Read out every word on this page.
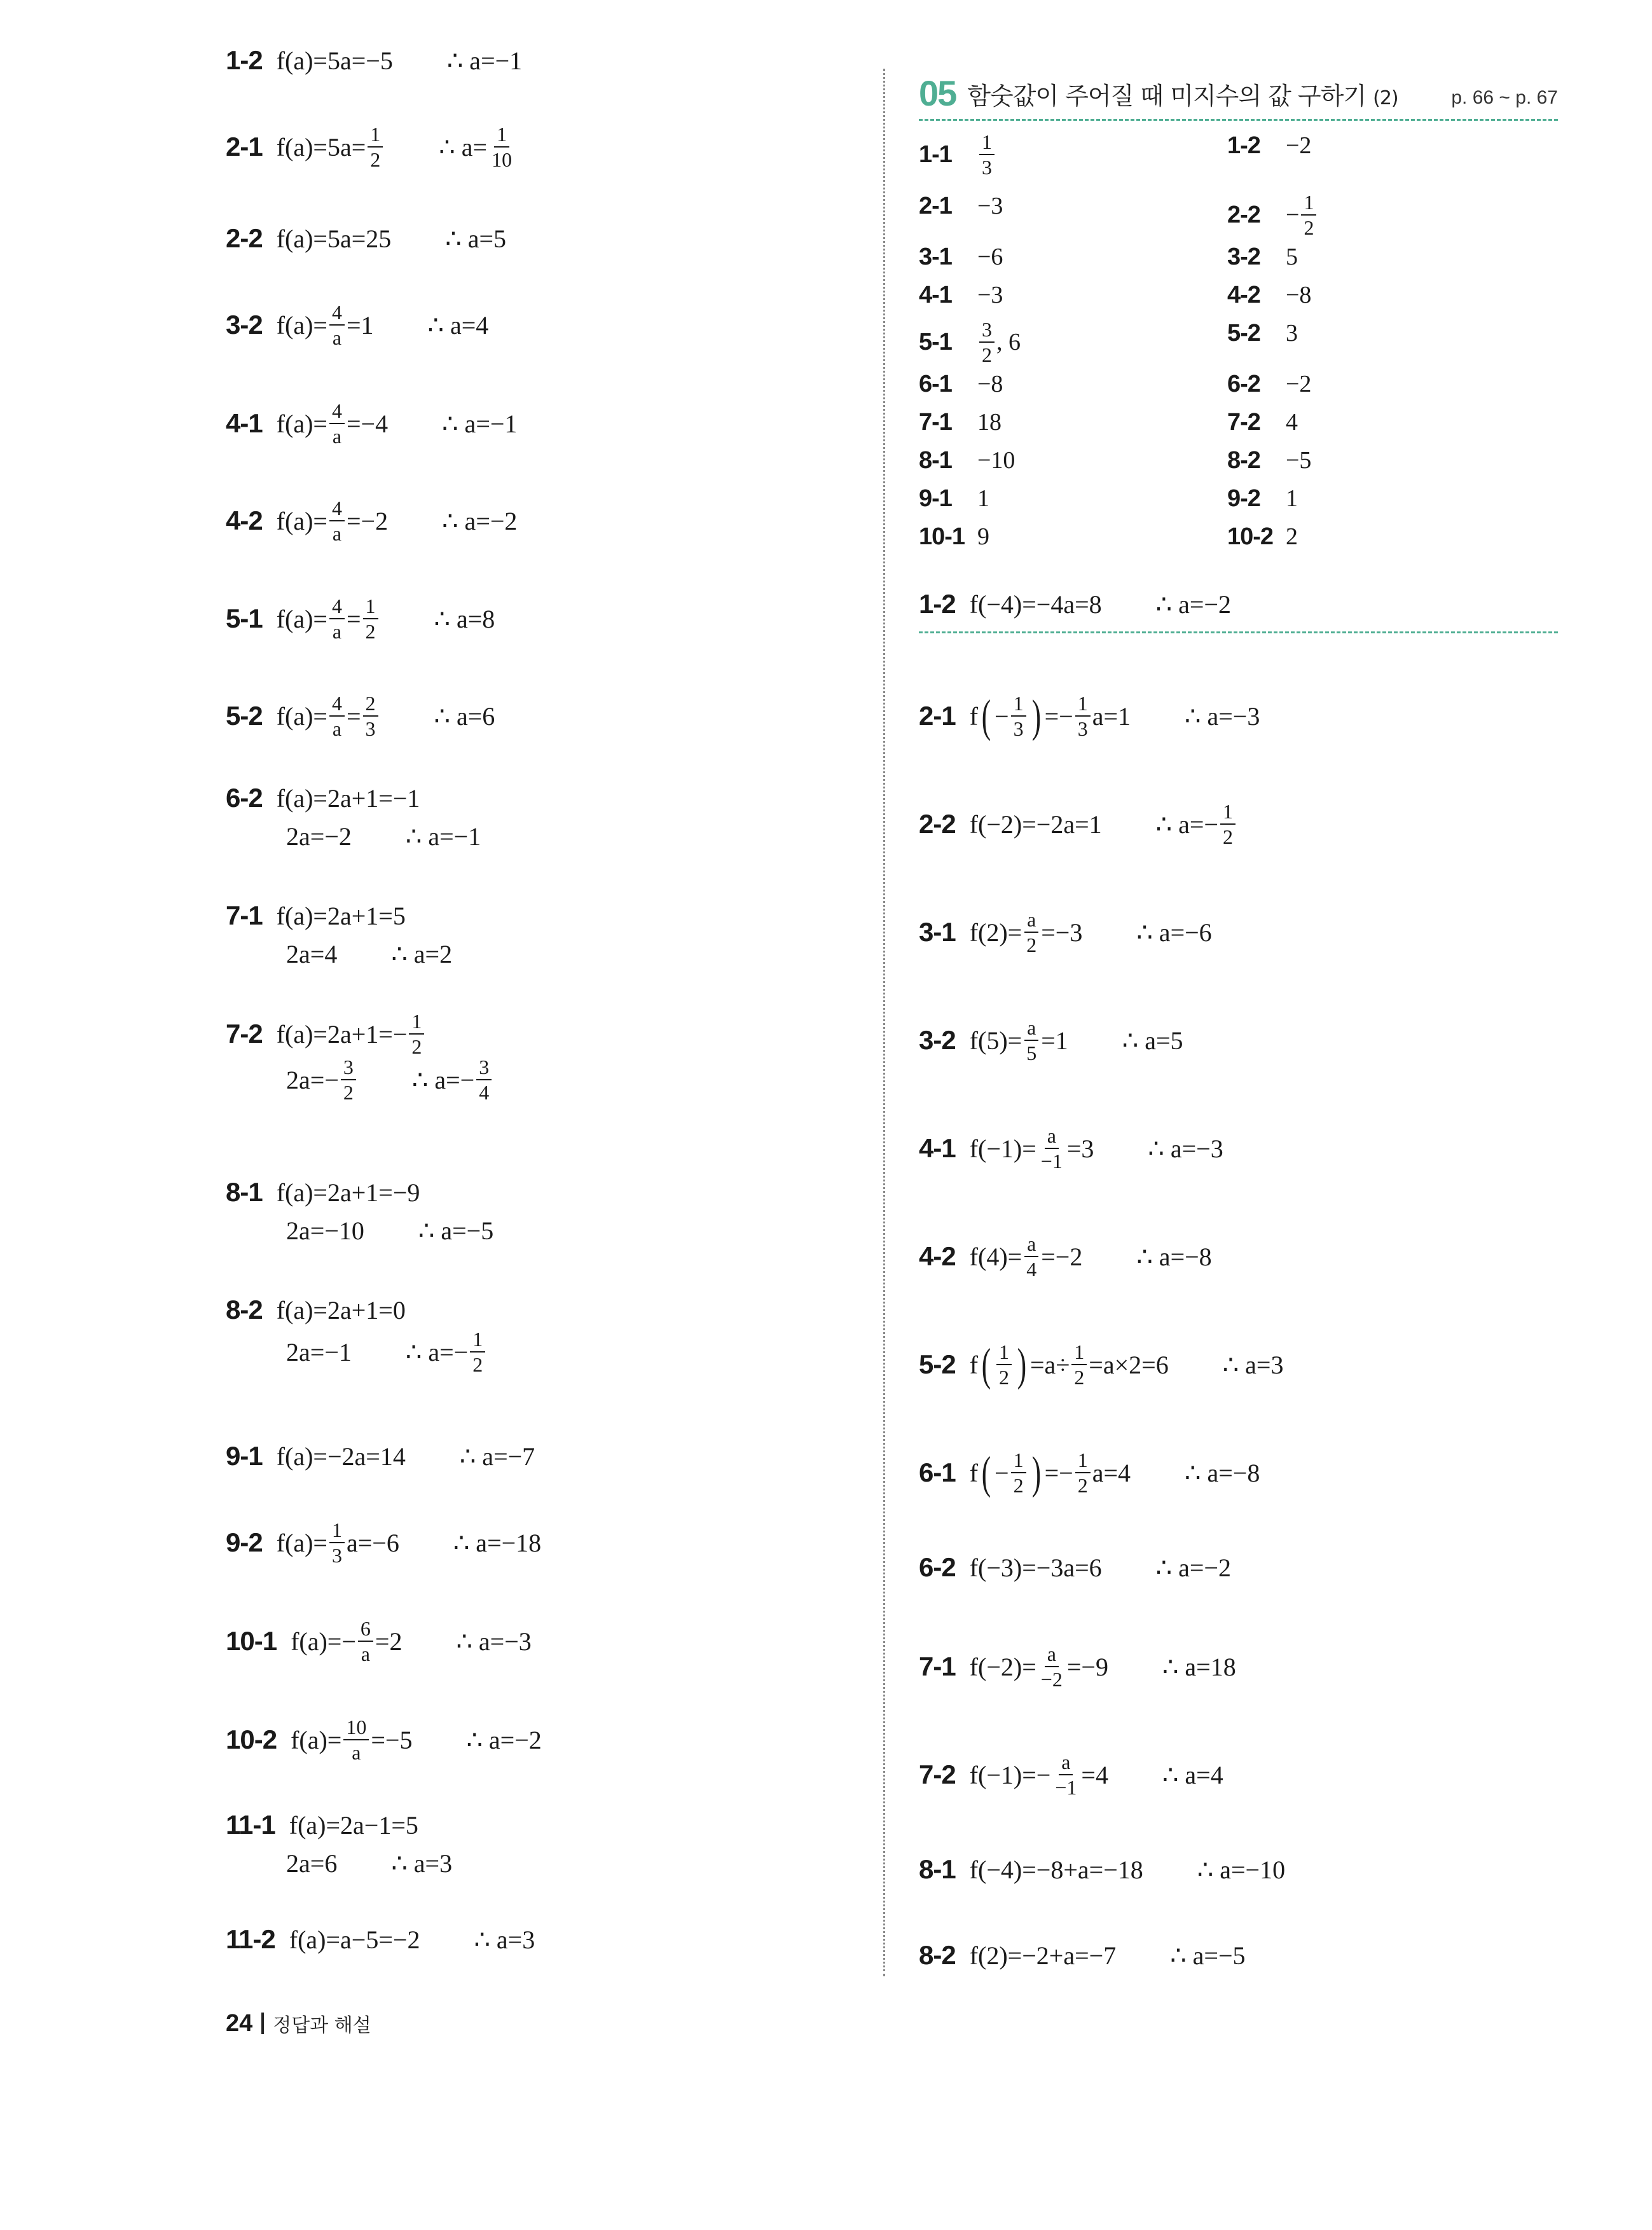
1-2 f(a)=5a=−5 ∴ a=−1
2-1 $f(a)=5a= \frac{1}{2}$ ∴ $a= \frac{1}{10}$
2-2 f(a)=5a=25 ∴ a=5
3-2 $f(a)= \frac{4}{a} =1$ ∴ a=4
4-1 $f(a)= \frac{4}{a} =-4$ ∴ a=−1
4-2 $f(a)= \frac{4}{a} =-2$ ∴ a=−2
5-1 $f(a)= \frac{4}{a} = \frac{1}{2}$ ∴ a=8
5-2 $f(a)= \frac{4}{a} = \frac{2}{3}$ ∴ a=6
6-2 f(a)=2a+1=−1
2a=−2 ∴ a=−1
7-1 f(a)=2a+1=5
2a=4 ∴ a=2
7-2 $f(a)=2a+1=- \frac{1}{2}$
$2a=- \frac{3}{2}$ ∴ $a=- \frac{3}{4}$
8-1 f(a)=2a+1=−9
2a=−10 ∴ a=−5
8-2 f(a)=2a+1=0
2a=−1 ∴ $a=- \frac{1}{2}$
9-1 f(a)=−2a=14 ∴ a=−7
9-2 $f(a)= \frac{1}{3} a=-6$ ∴ a=−18
10-1 $f(a)=- \frac{6}{a} =2$ ∴ a=−3
10-2 $f(a)= \frac{10}{a} =-5$ ∴ a=−2
11-1 f(a)=2a−1=5
2a=6 ∴ a=3
11-2 f(a)=a−5=−2 ∴ a=3
05 함숫값이 주어질 때 미지수의 값 구하기 (2)	p. 66 ~ p. 67
1-1	$\frac{1}{3}$	1-2	−2
2-1	−3	2-2	− $\frac{1}{2}$
3-1	−6	3-2	5
4-1	−3	4-2	−8
5-1	$\frac{3}{2}$ , 6	5-2	3
6-1	−8	6-2	−2
7-1	18	7-2	4
8-1	−10	8-2	−5
9-1	1	9-2	1
10-1 9	10-2 2
1-2 f(−4)=−4a=8 ∴ a=−2
2-1 f ( − $\frac{1}{3}$ ) =− $\frac{1}{3} a=1$ ∴ a=−3
2-2 f(−2)=−2a=1 ∴ $a=- \frac{1}{2}$
3-1 $f(2)= \frac{a}{2} =-3$ ∴ a=−6
3-2 $f(5)= \frac{a}{5} =1$ ∴ a=5
4-1 $f(-1)= \frac{a}{-1} =3$ ∴ a=−3
4-2 $f(4)= \frac{a}{4} =-2$ ∴ a=−8
5-2 f ( $\frac{1}{2}$ ) $=a\div \frac{1}{2} =a\times 2=6$ ∴ a=3
6-1 f ( − $\frac{1}{2}$ ) =− $\frac{1}{2} a=4$ ∴ a=−8
6-2 f(−3)=−3a=6 ∴ a=−2
7-1 $f(-2)= \frac{a}{-2} =-9$ ∴ a=18
7-2 $f(-1)=- \frac{a}{-1} =4$ ∴ a=4
8-1 f(−4)=−8+a=−18 ∴ a=−10
8-2 f(2)=−2+a=−7 ∴ a=−5
24 정답과 해설
